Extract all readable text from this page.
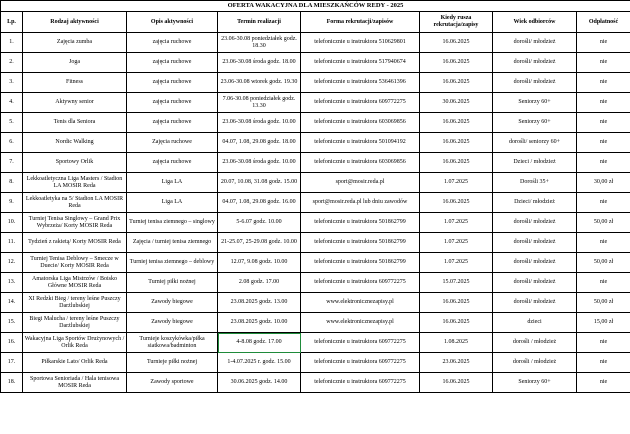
OFERTA WAKACYJNA DLA MIESZKAŃCÓW REDY - 2025							
Lp.	Rodzaj aktywności	Opis aktywności	Termin realizacji	Forma rekrutacji/zapisów	Kiedy rusza rekrutacja/zapisy	Wiek odbiorców	Odpłatność
1.	Zajęcia zumba	zajęcia ruchowe	23.06-30.08 poniedziałek godz. 18.30	telefonicznie u instruktora 510629801	16.06.2025	dorośli/ młodzież	nie
2.	Joga	zajęcia ruchowe	23.06-30.08 środa godz. 18.00	telefonicznie u instruktora 517940674	16.06.2025	dorośli/ młodzież	nie
3.	Fitness	zajęcia ruchowe	23.06-30.08 wtorek godz. 19.30	telefonicznie u instruktora 536461396	16.06.2025	dorośli/ młodzież	nie
4.	Aktywny senior	zajęcia ruchowe	7.06-30.08 poniedziałek godz. 13.30	telefonicznie u instruktora 609772275	30.06.2025	Seniorzy 60+	nie
5.	Tenis dla Seniora	zajęcia ruchowe	23.06-30.08 środa godz. 10.00	telefonicznie u instruktora 603069856	16.06.2025	Seniorzy 60+	nie
6.	Nordic Walking	Zajęcia ruchowe	04.07, 1.08, 29.08 godz. 18.00	telefonicznie u instruktora 501094192	16.06.2025	dorośli/ seniorzy 60+	nie
7.	Sportowy Orlik	zajęcia ruchowe	23.06-30.08 środa godz. 10.00	telefonicznie u instruktora 603069856	16.06.2025	Dzieci / młodzież	nie
8.	Lekkoatletyczna Liga Masters / Stadion LA MOSIR Reda	Liga LA	20.07, 10.08, 31.08 godz. 15.00	sport@mosir.reda.pl	1.07.2025	Dorośli 35+	30,00 zł
9.	Lekkoatletyka na 5/ Stadion LA MOSIR Reda	Liga LA	04.07, 1.08, 29.08 godz. 16.00	sport@mosir.reda.pl lub dniu zawodów	16.06.2025	Dzieci/ młodzież	nie
10.	Turniej Tenisa Singlowy – Grand Prix Wybrzeża/ Korty MOSIR Reda	Turniej tenisa ziemnego – singlowy	5-6.07 godz. 10.00	telefonicznie u instruktora 501862799	1.07.2025	dorośli/ młodzież	50,00 zł
11.	Tydzień z rakietą/ Korty MOSIR Reda	Zajęcia / turniej tenisa ziemnego	21-25.07, 25-29.08 godz. 10.00	telefonicznie u instruktora 501862799	1.07.2025	dorośli/ młodzież	nie
12.	Turniej Tenisa Deblowy – Smecze w Duecie/ Korty MOSIR Reda	Turniej tenisa ziemnego – deblowy	12.07, 9.08 godz. 10.00	telefonicznie u instruktora 501862799	1.07.2025	dorośli/ młodzież	50,00 zł
13.	Amatorska Liga Mistrzów / Boisko Główne MOSIR Reda	Turniej piłki nożnej	2.08 godz. 17.00	telefonicznie u instruktora 609772275	15.07.2025	dorośli/ młodzież	nie
14.	XI Redzki Bieg / tereny leśne Puszczy Darżlubskiej	Zawody biegowe	23.08.2025 godz. 13.00	www.elektronicznezapisy.pl	16.06.2025	dorośli/ młodzież	50,00 zł
15.	Biegi Malucha / tereny leśne Puszczy Darżlubskiej	Zawody biegowe	23.08.2025 godz. 10.00	www.elektronicznezapisy.pl	16.06.2025	dzieci	15,00 zł
16.	Wakacyjna Liga Sportów Drużynowych / Orlik Reda	Turnieje koszykówka/piłka siatkowa/badminton	4-8.08 godz. 17.00	telefonicznie u instruktora 609772275	1.08.2025	dorośli / młodzież	nie
17.	Piłkarskie Lato/ Orlik Reda	Turnieje piłki nożnej	1-4.07.2025 r. godz. 15.00	telefonicznie u instruktora 609772275	23.06.2025	dorośli / młodzież	nie
18.	Sportowa Senioriada / Hala tenisowa MOSIR Reda	Zawody sportowe	30.06.2025 godz. 14.00	telefonicznie u instruktora 609772275	16.06.2025	Seniorzy 60+	nie
